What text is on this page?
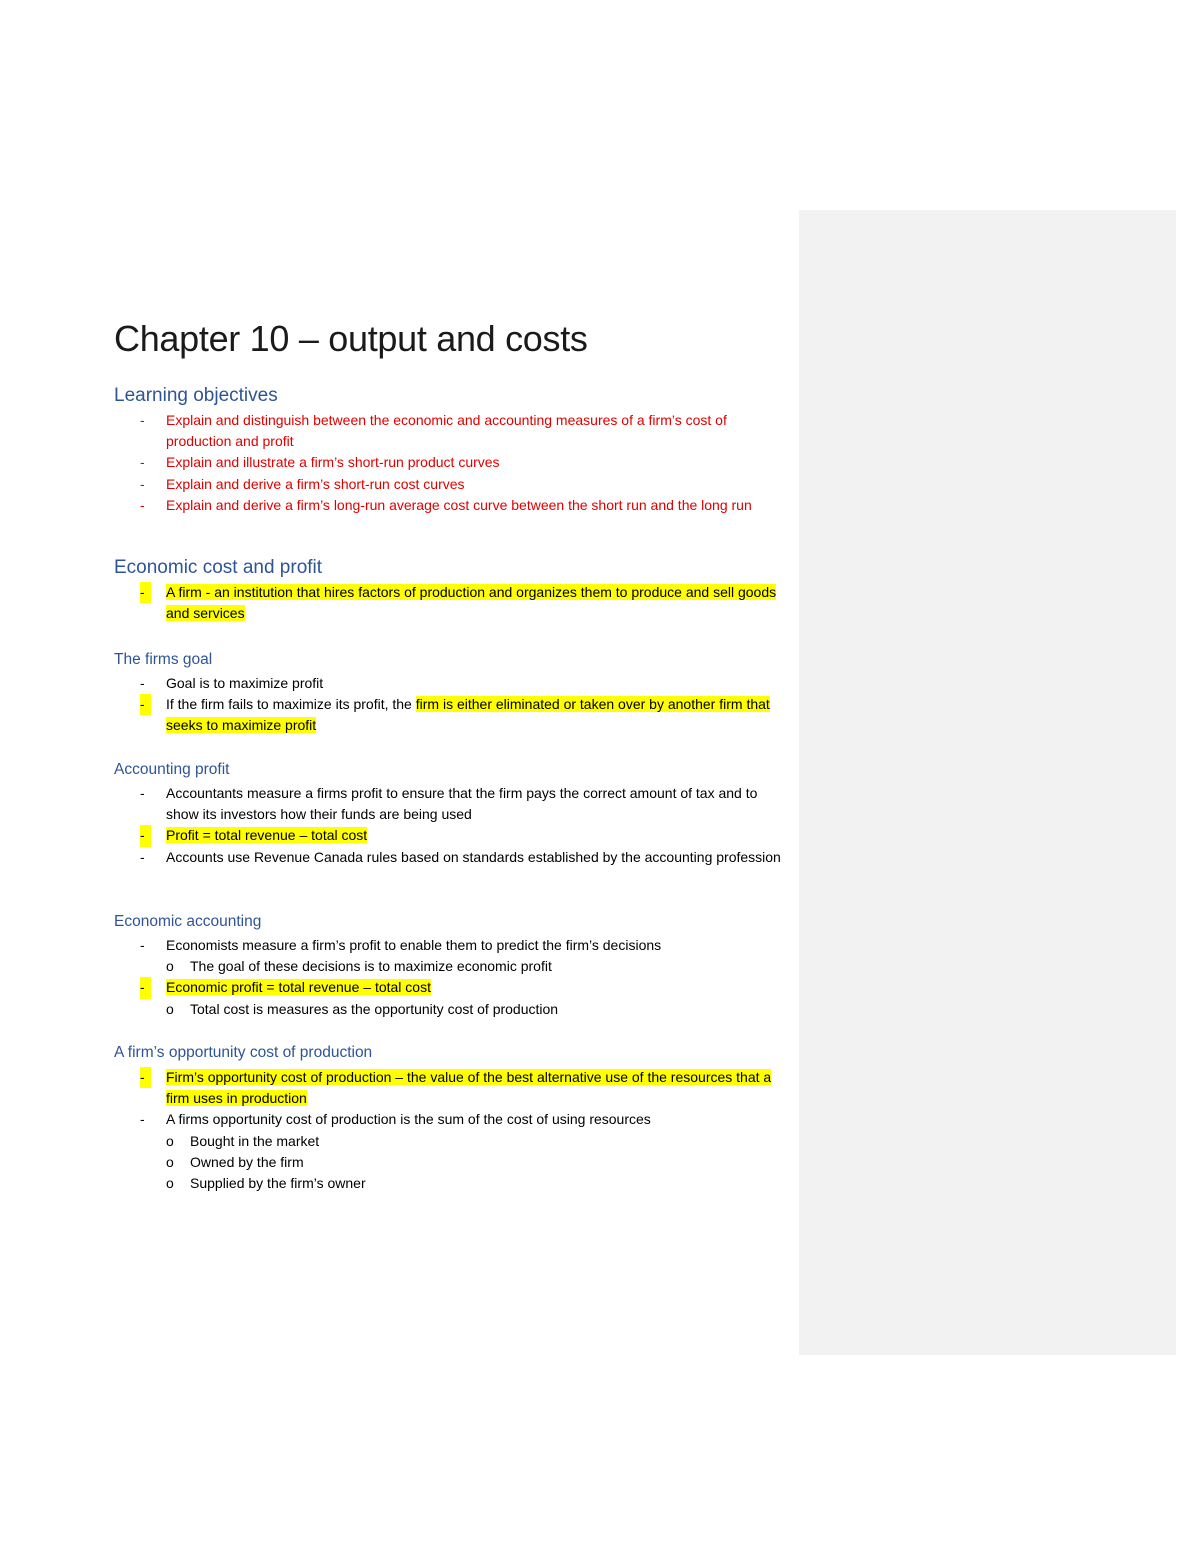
Chapter 10 – output and costs
Learning objectives
- Explain and distinguish between the economic and accounting measures of a firm’s cost of production and profit
- Explain and illustrate a firm’s short-run product curves
- Explain and derive a firm’s short-run cost curves
- Explain and derive a firm’s long-run average cost curve between the short run and the long run
Economic cost and profit
-	A firm - an institution that hires factors of production and organizes them to produce and sell goods and services
The firms goal
- Goal is to maximize profit
-	If the firm fails to maximize its profit, the firm is either eliminated or taken over by another firm that seeks to maximize profit
Accounting profit
- Accountants measure a firms profit to ensure that the firm pays the correct amount of tax and to show its investors how their funds are being used
-	Profit = total revenue – total cost
- Accounts use Revenue Canada rules based on standards established by the accounting profession
Economic accounting
- Economists measure a firm’s profit to enable them to predict the firm’s decisions
o The goal of these decisions is to maximize economic profit
-	Economic profit = total revenue – total cost
o Total cost is measures as the opportunity cost of production
A firm’s opportunity cost of production
-	Firm’s opportunity cost of production – the value of the best alternative use of the resources that a firm uses in production
- A firms opportunity cost of production is the sum of the cost of using resources
o Bought in the market
o Owned by the firm
o Supplied by the firm’s owner
